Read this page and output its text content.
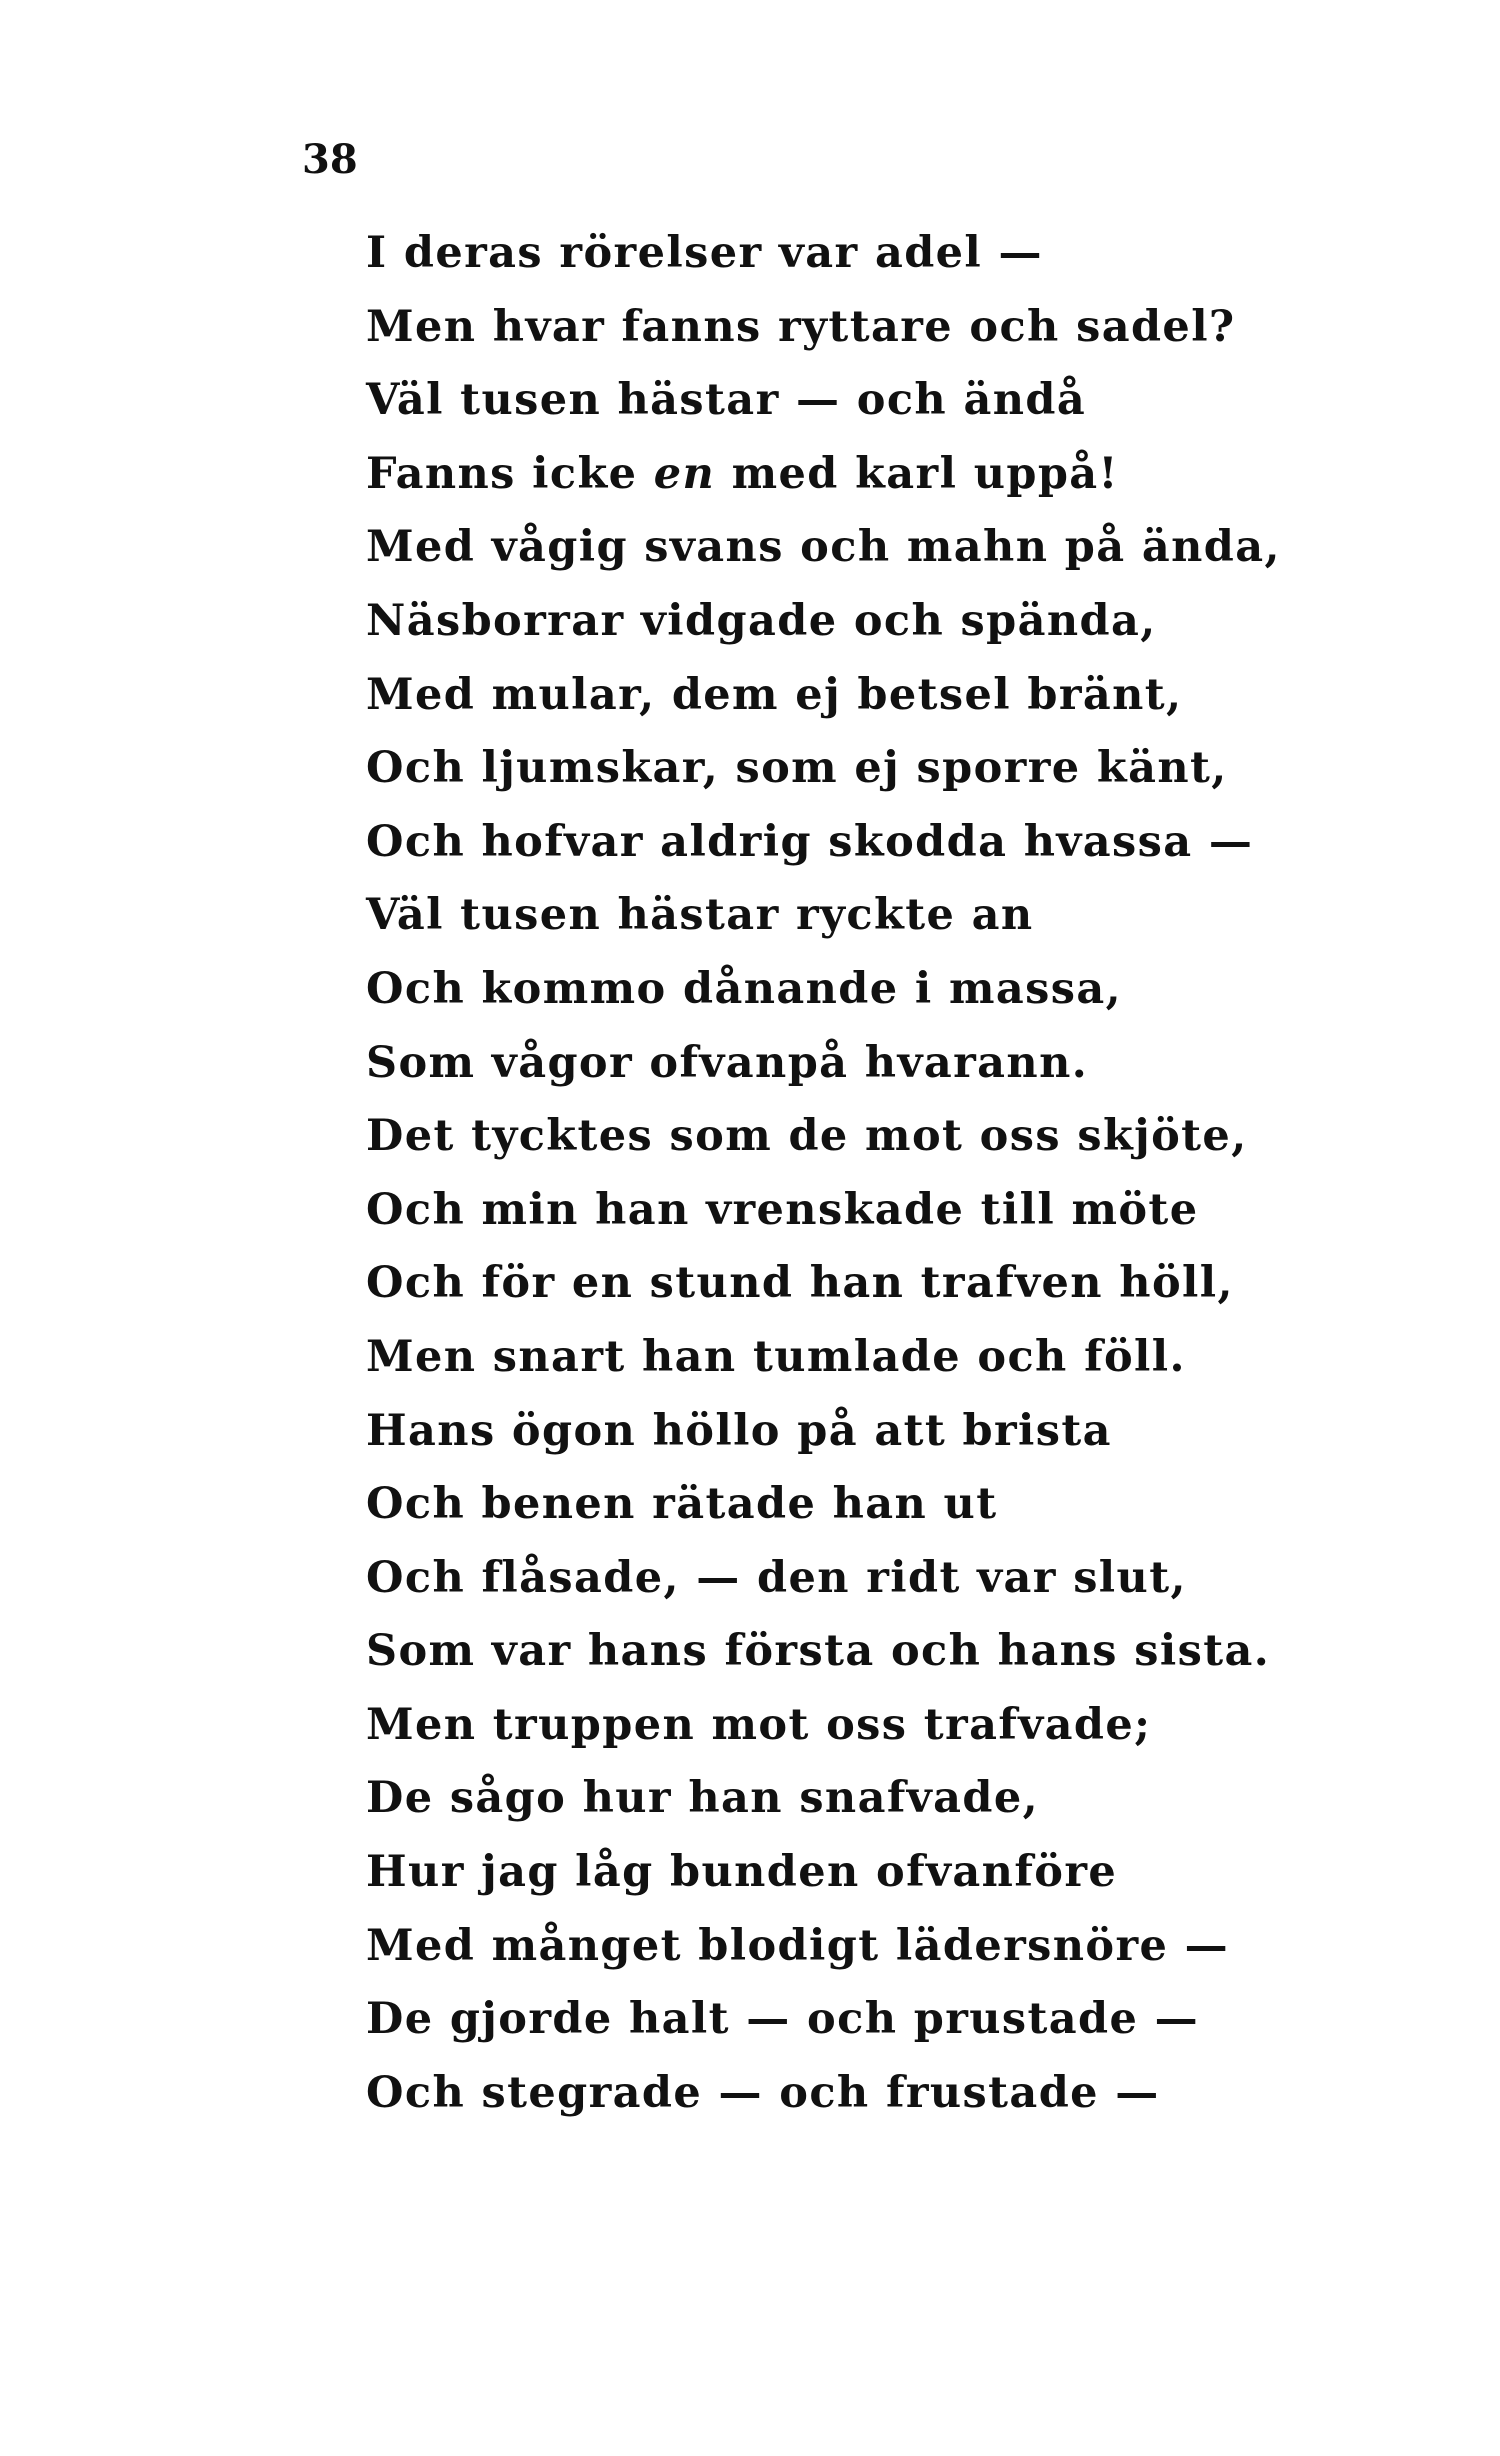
38
I deras rörelser var adel —
Men hvar fanns ryttare och sadel?
Väl tusen hästar — och ändå
Fanns icke en med karl uppå!
Med vågig svans och mahn på ända,
Näsborrar vidgade och spända,
Med mular, dem ej betsel bränt,
Och ljumskar, som ej sporre känt,
Och hofvar aldrig skodda hvassa —
Väl tusen hästar ryckte an
Och kommo dånande i massa,
Som vågor ofvanpå hvarann.
Det tycktes som de mot oss skjöte,
Och min han vrenskade till möte
Och för en stund han trafven höll,
Men snart han tumlade och föll.
Hans ögon höllo på att brista
Och benen rätade han ut
Och flåsade, — den ridt var slut,
Som var hans första och hans sista.
Men truppen mot oss trafvade;
De sågo hur han snafvade,
Hur jag låg bunden ofvanföre
Med månget blodigt lädersnöre —
De gjorde halt — och prustade —
Och stegrade — och frustade —
